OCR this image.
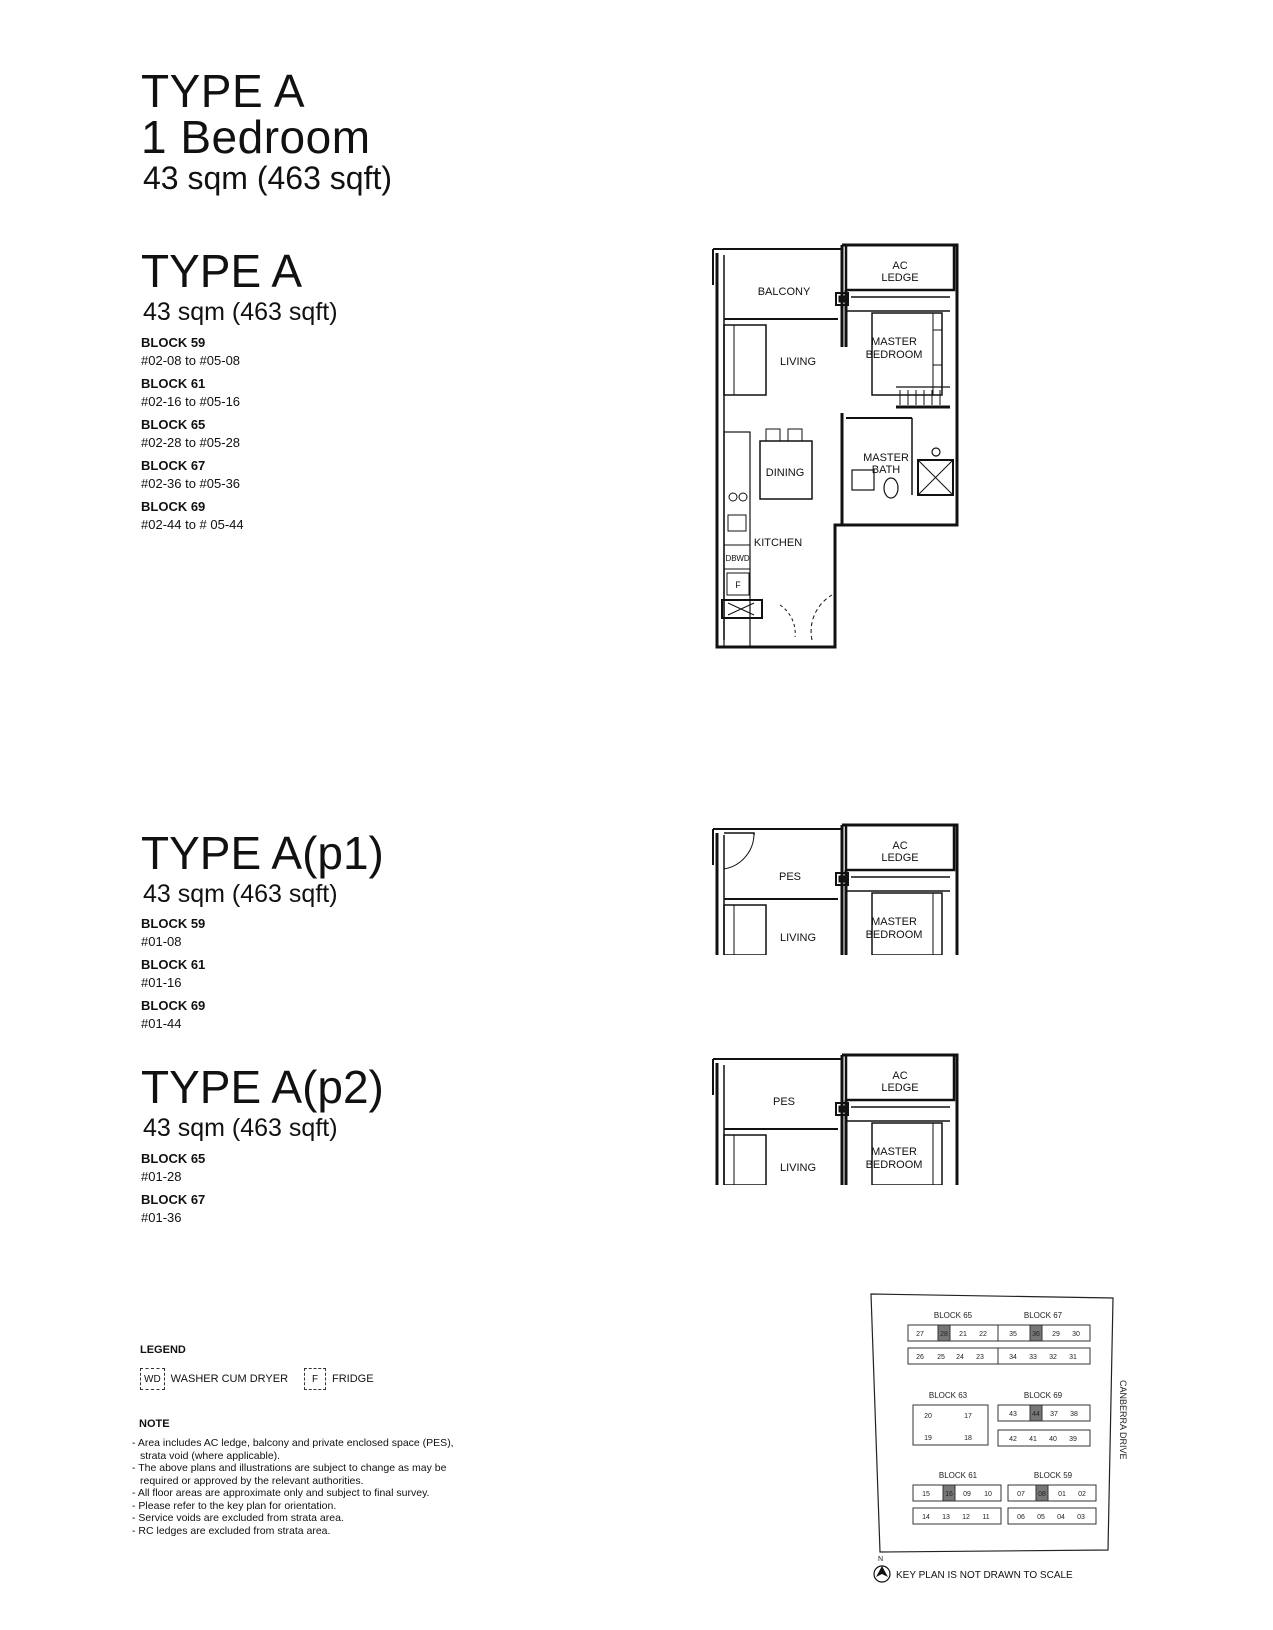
TYPE A
1 Bedroom
43 sqm (463 sqft)
TYPE A
43 sqm (463 sqft)
BLOCK 59
#02-08 to #05-08
BLOCK 61
#02-16 to #05-16
BLOCK 65
#02-28 to #05-28
BLOCK 67
#02-36 to #05-36
BLOCK 69
#02-44 to # 05-44
TYPE A(p1)
43 sqm (463 sqft)
BLOCK 59
#01-08
BLOCK 61
#01-16
BLOCK 69
#01-44
TYPE A(p2)
43 sqm (463 sqft)
BLOCK 65
#01-28
BLOCK 67
#01-36
AC
LEDGE
BALCONY
LIVING
MASTER
BEDROOM
MASTER
BATH
DINING
KITCHEN
DB WD
F
AC
LEDGE
PES
LIVING
MASTER
BEDROOM
AC
LEDGE
PES
LIVING
MASTER
BEDROOM
LEGEND
WD WASHER CUM DRYER	F	FRIDGE
NOTE
- Area includes AC ledge, balcony and private enclosed space (PES), strata void (where applicable).
- The above plans and illustrations are subject to change as may be required or approved by the relevant authorities.
- All floor areas are approximate only and subject to final survey.
- Please refer to the key plan for orientation.
- Service voids are excluded from strata area.
- RC ledges are excluded from strata area.
BLOCK 65	BLOCK 67
BLOCK 63	BLOCK 69
BLOCK 61	BLOCK 59
27 28 21 22
26 25 24 23
35 36 29 30
34 33 32 31
20
19
17
18
43 44 37 38
42 41 40 39
15 16 09 10
14 13 12 11
07 08 01 02
06 05 04 03
CANBERRA DRIVE
N
KEY PLAN IS NOT DRAWN TO SCALE
